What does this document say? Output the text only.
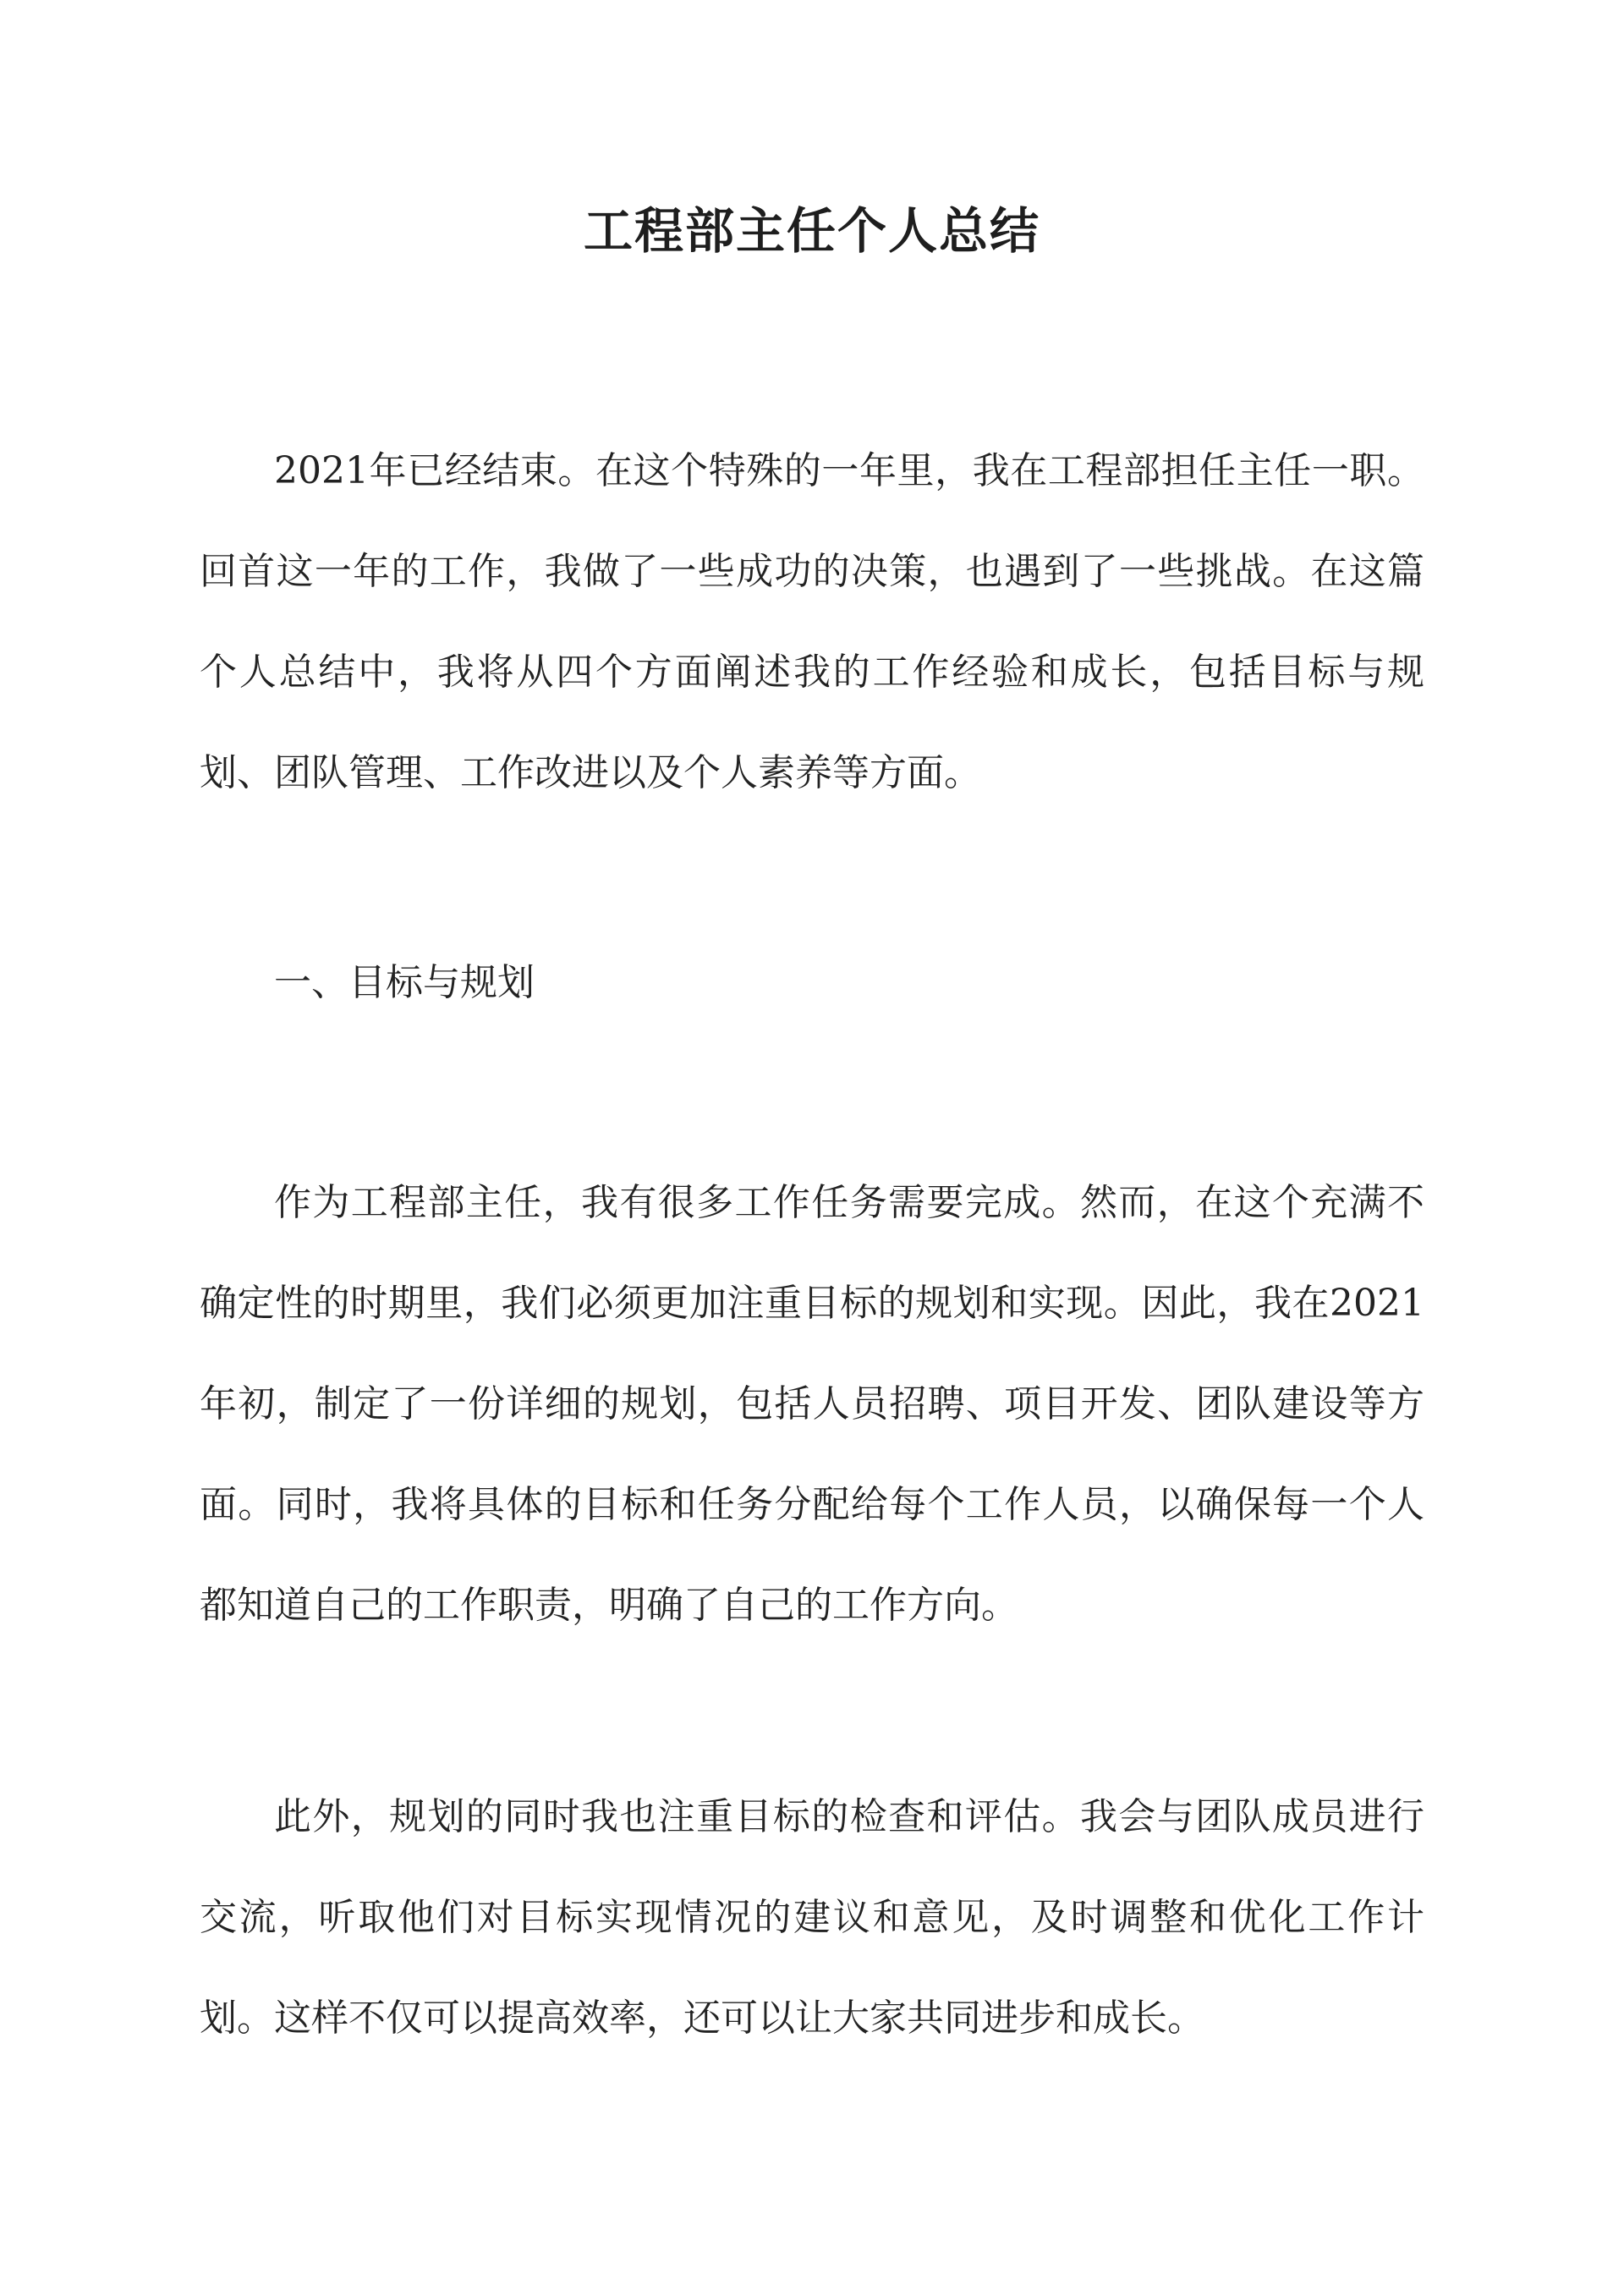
工程部主任个人总结

2021年已经结束。在这个特殊的一年里，我在工程部担任主任一职。回首这一年的工作，我做了一些成功的决策，也遇到了一些挑战。在这篇个人总结中，我将从四个方面阐述我的工作经验和成长，包括目标与规划、团队管理、工作改进以及个人素养等方面。

一、目标与规划

作为工程部主任，我有很多工作任务需要完成。然而，在这个充满不确定性的时期里，我们必须更加注重目标的规划和实现。因此，我在2021年初，制定了一份详细的规划，包括人员招聘、项目开发、团队建设等方面。同时，我将具体的目标和任务分配给每个工作人员，以确保每一个人都知道自己的工作职责，明确了自己的工作方向。

此外，规划的同时我也注重目标的检查和评估。我会与团队成员进行交流，听取他们对目标实现情况的建议和意见，及时调整和优化工作计划。这样不仅可以提高效率，还可以让大家共同进步和成长。
